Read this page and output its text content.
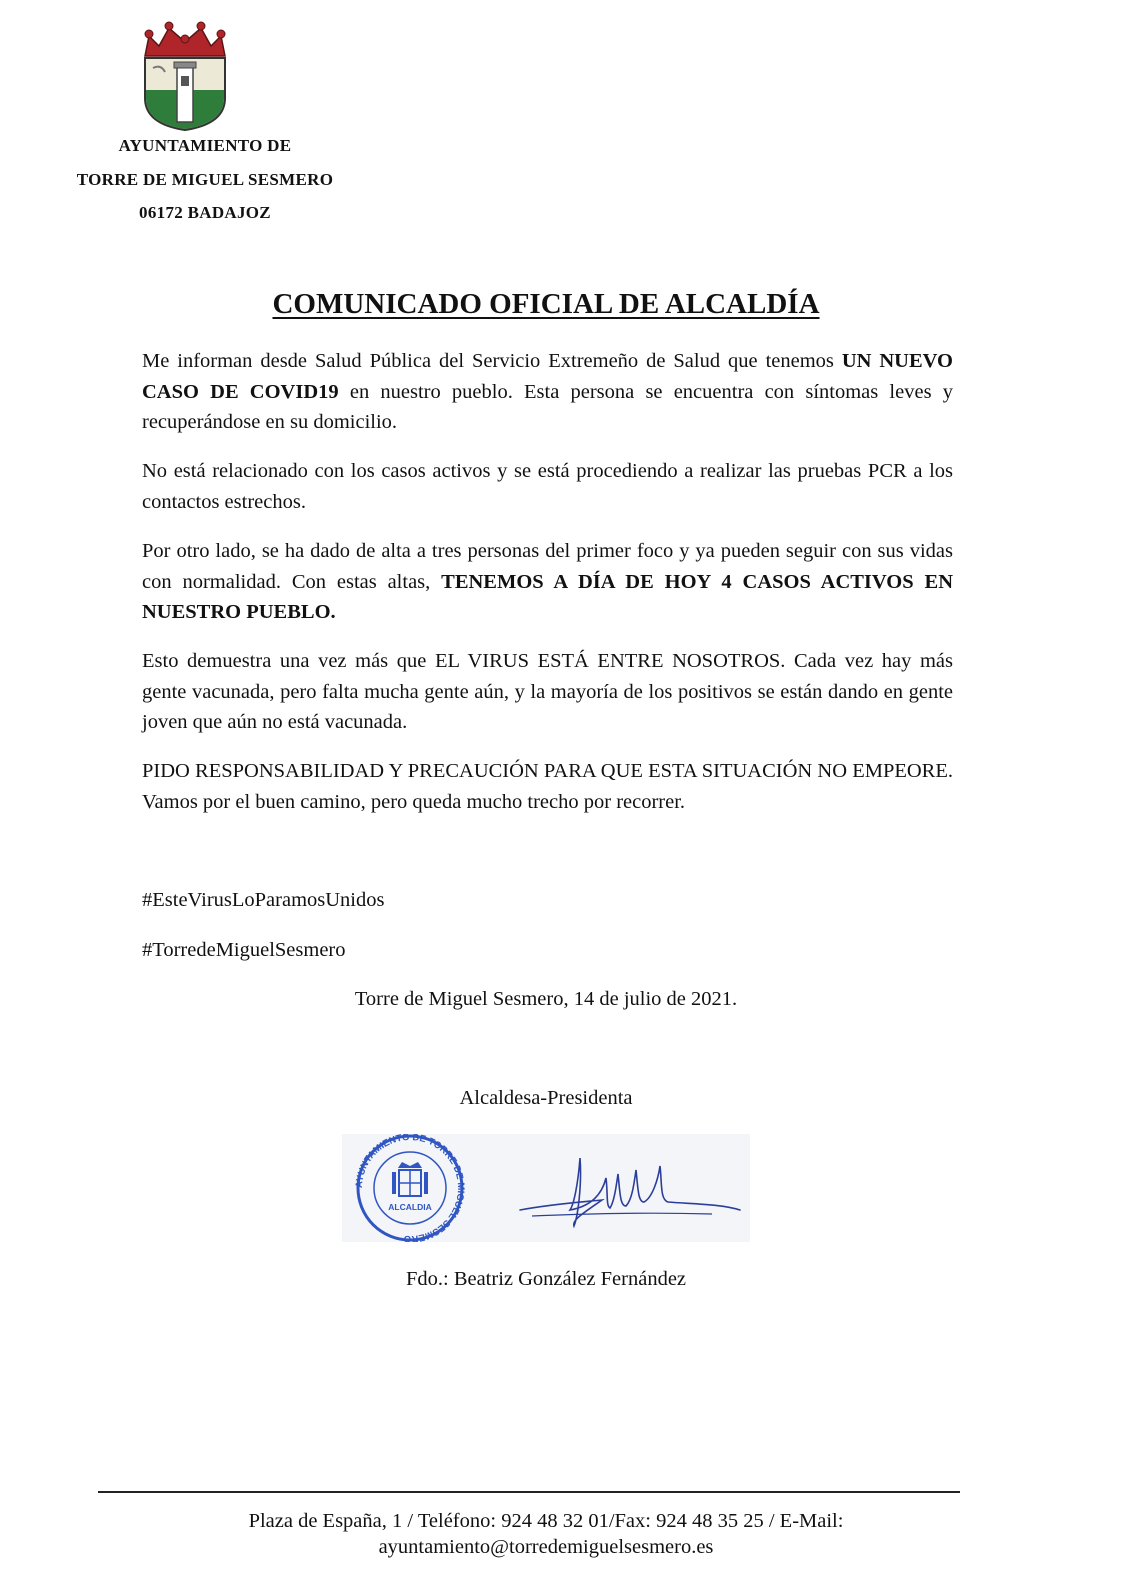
AYUNTAMIENTO DE
TORRE DE MIGUEL SESMERO
06172 BADAJOZ
COMUNICADO OFICIAL DE ALCALDÍA

Me informan desde Salud Pública del Servicio Extremeño de Salud que tenemos UN NUEVO CASO DE COVID19 en nuestro pueblo. Esta persona se encuentra con síntomas leves y recuperándose en su domicilio.

No está relacionado con los casos activos y se está procediendo a realizar las pruebas PCR a los contactos estrechos.

Por otro lado, se ha dado de alta a tres personas del primer foco y ya pueden seguir con sus vidas con normalidad. Con estas altas, TENEMOS A DÍA DE HOY 4 CASOS ACTIVOS EN NUESTRO PUEBLO.

Esto demuestra una vez más que EL VIRUS ESTÁ ENTRE NOSOTROS. Cada vez hay más gente vacunada, pero falta mucha gente aún, y la mayoría de los positivos se están dando en gente joven que aún no está vacunada.

PIDO RESPONSABILIDAD Y PRECAUCIÓN PARA QUE ESTA SITUACIÓN NO EMPEORE. Vamos por el buen camino, pero queda mucho trecho por recorrer.

#EsteVirusLoParamosUnidos
#TorredeMiguelSesmero
Torre de Miguel Sesmero, 14 de julio de 2021.
Alcaldesa-Presidenta
AYUNTAMIENTO DE TORRE DE MIGUEL SESMERO
ALCALDIA
Fdo.: Beatriz González Fernández
Plaza de España, 1 / Teléfono: 924 48 32 01/Fax: 924 48 35 25 / E-Mail:
ayuntamiento@torredemiguelsesmero.es
